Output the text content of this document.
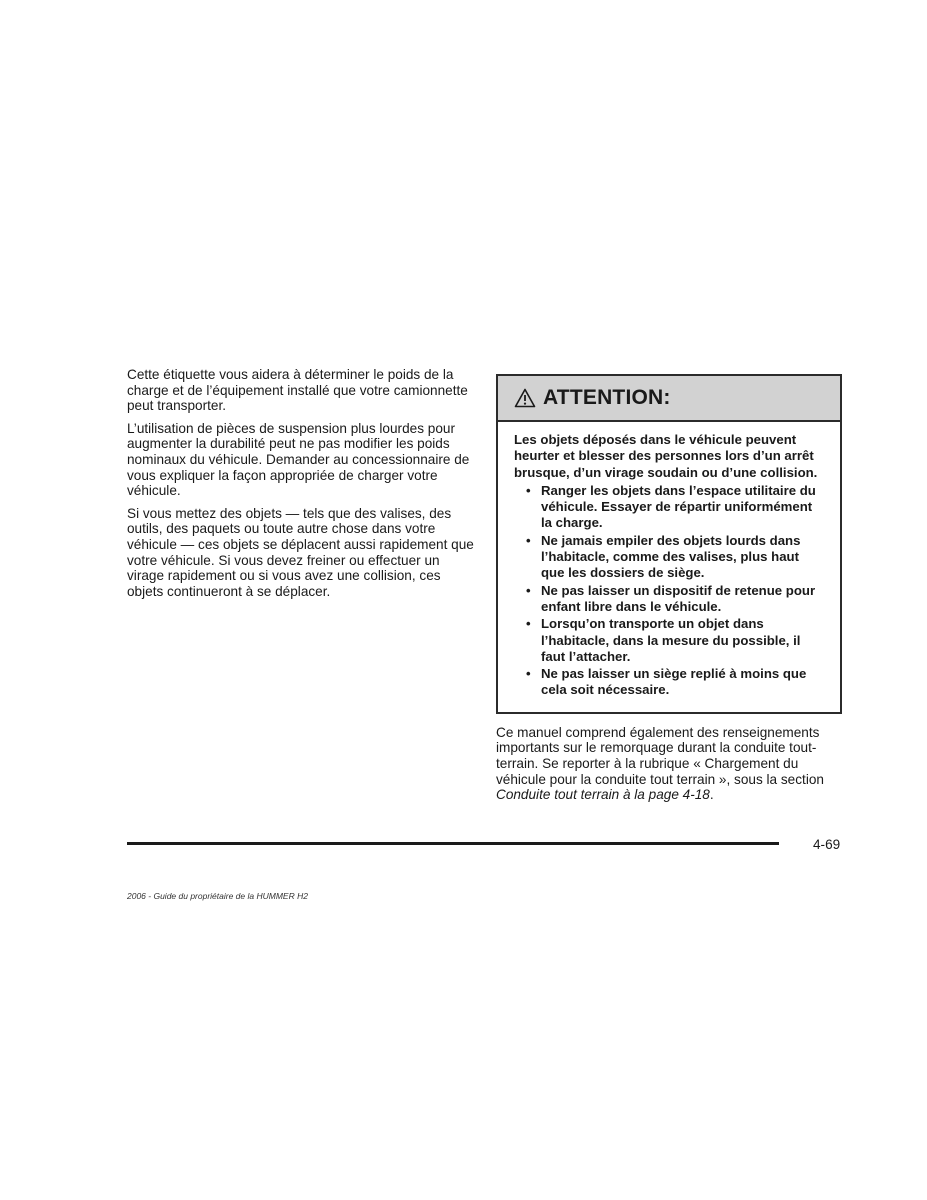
Cette étiquette vous aidera à déterminer le poids de la charge et de l’équipement installé que votre camionnette peut transporter.

L’utilisation de pièces de suspension plus lourdes pour augmenter la durabilité peut ne pas modifier les poids nominaux du véhicule. Demander au concessionnaire de vous expliquer la façon appropriée de charger votre véhicule.

Si vous mettez des objets — tels que des valises, des outils, des paquets ou toute autre chose dans votre véhicule — ces objets se déplacent aussi rapidement que votre véhicule. Si vous devez freiner ou effectuer un virage rapidement ou si vous avez une collision, ces objets continueront à se déplacer.

ATTENTION:

Les objets déposés dans le véhicule peuvent heurter et blesser des personnes lors d’un arrêt brusque, d’un virage soudain ou d’une collision.

• Ranger les objets dans l’espace utilitaire du véhicule. Essayer de répartir uniformément la charge.
• Ne jamais empiler des objets lourds dans l’habitacle, comme des valises, plus haut que les dossiers de siège.
• Ne pas laisser un dispositif de retenue pour enfant libre dans le véhicule.
• Lorsqu’on transporte un objet dans l’habitacle, dans la mesure du possible, il faut l’attacher.
• Ne pas laisser un siège replié à moins que cela soit nécessaire.

Ce manuel comprend également des renseignements importants sur le remorquage durant la conduite tout-terrain. Se reporter à la rubrique « Chargement du véhicule pour la conduite tout terrain », sous la section Conduite tout terrain à la page 4-18.

4-69
2006 - Guide du propriétaire de la HUMMER H2
